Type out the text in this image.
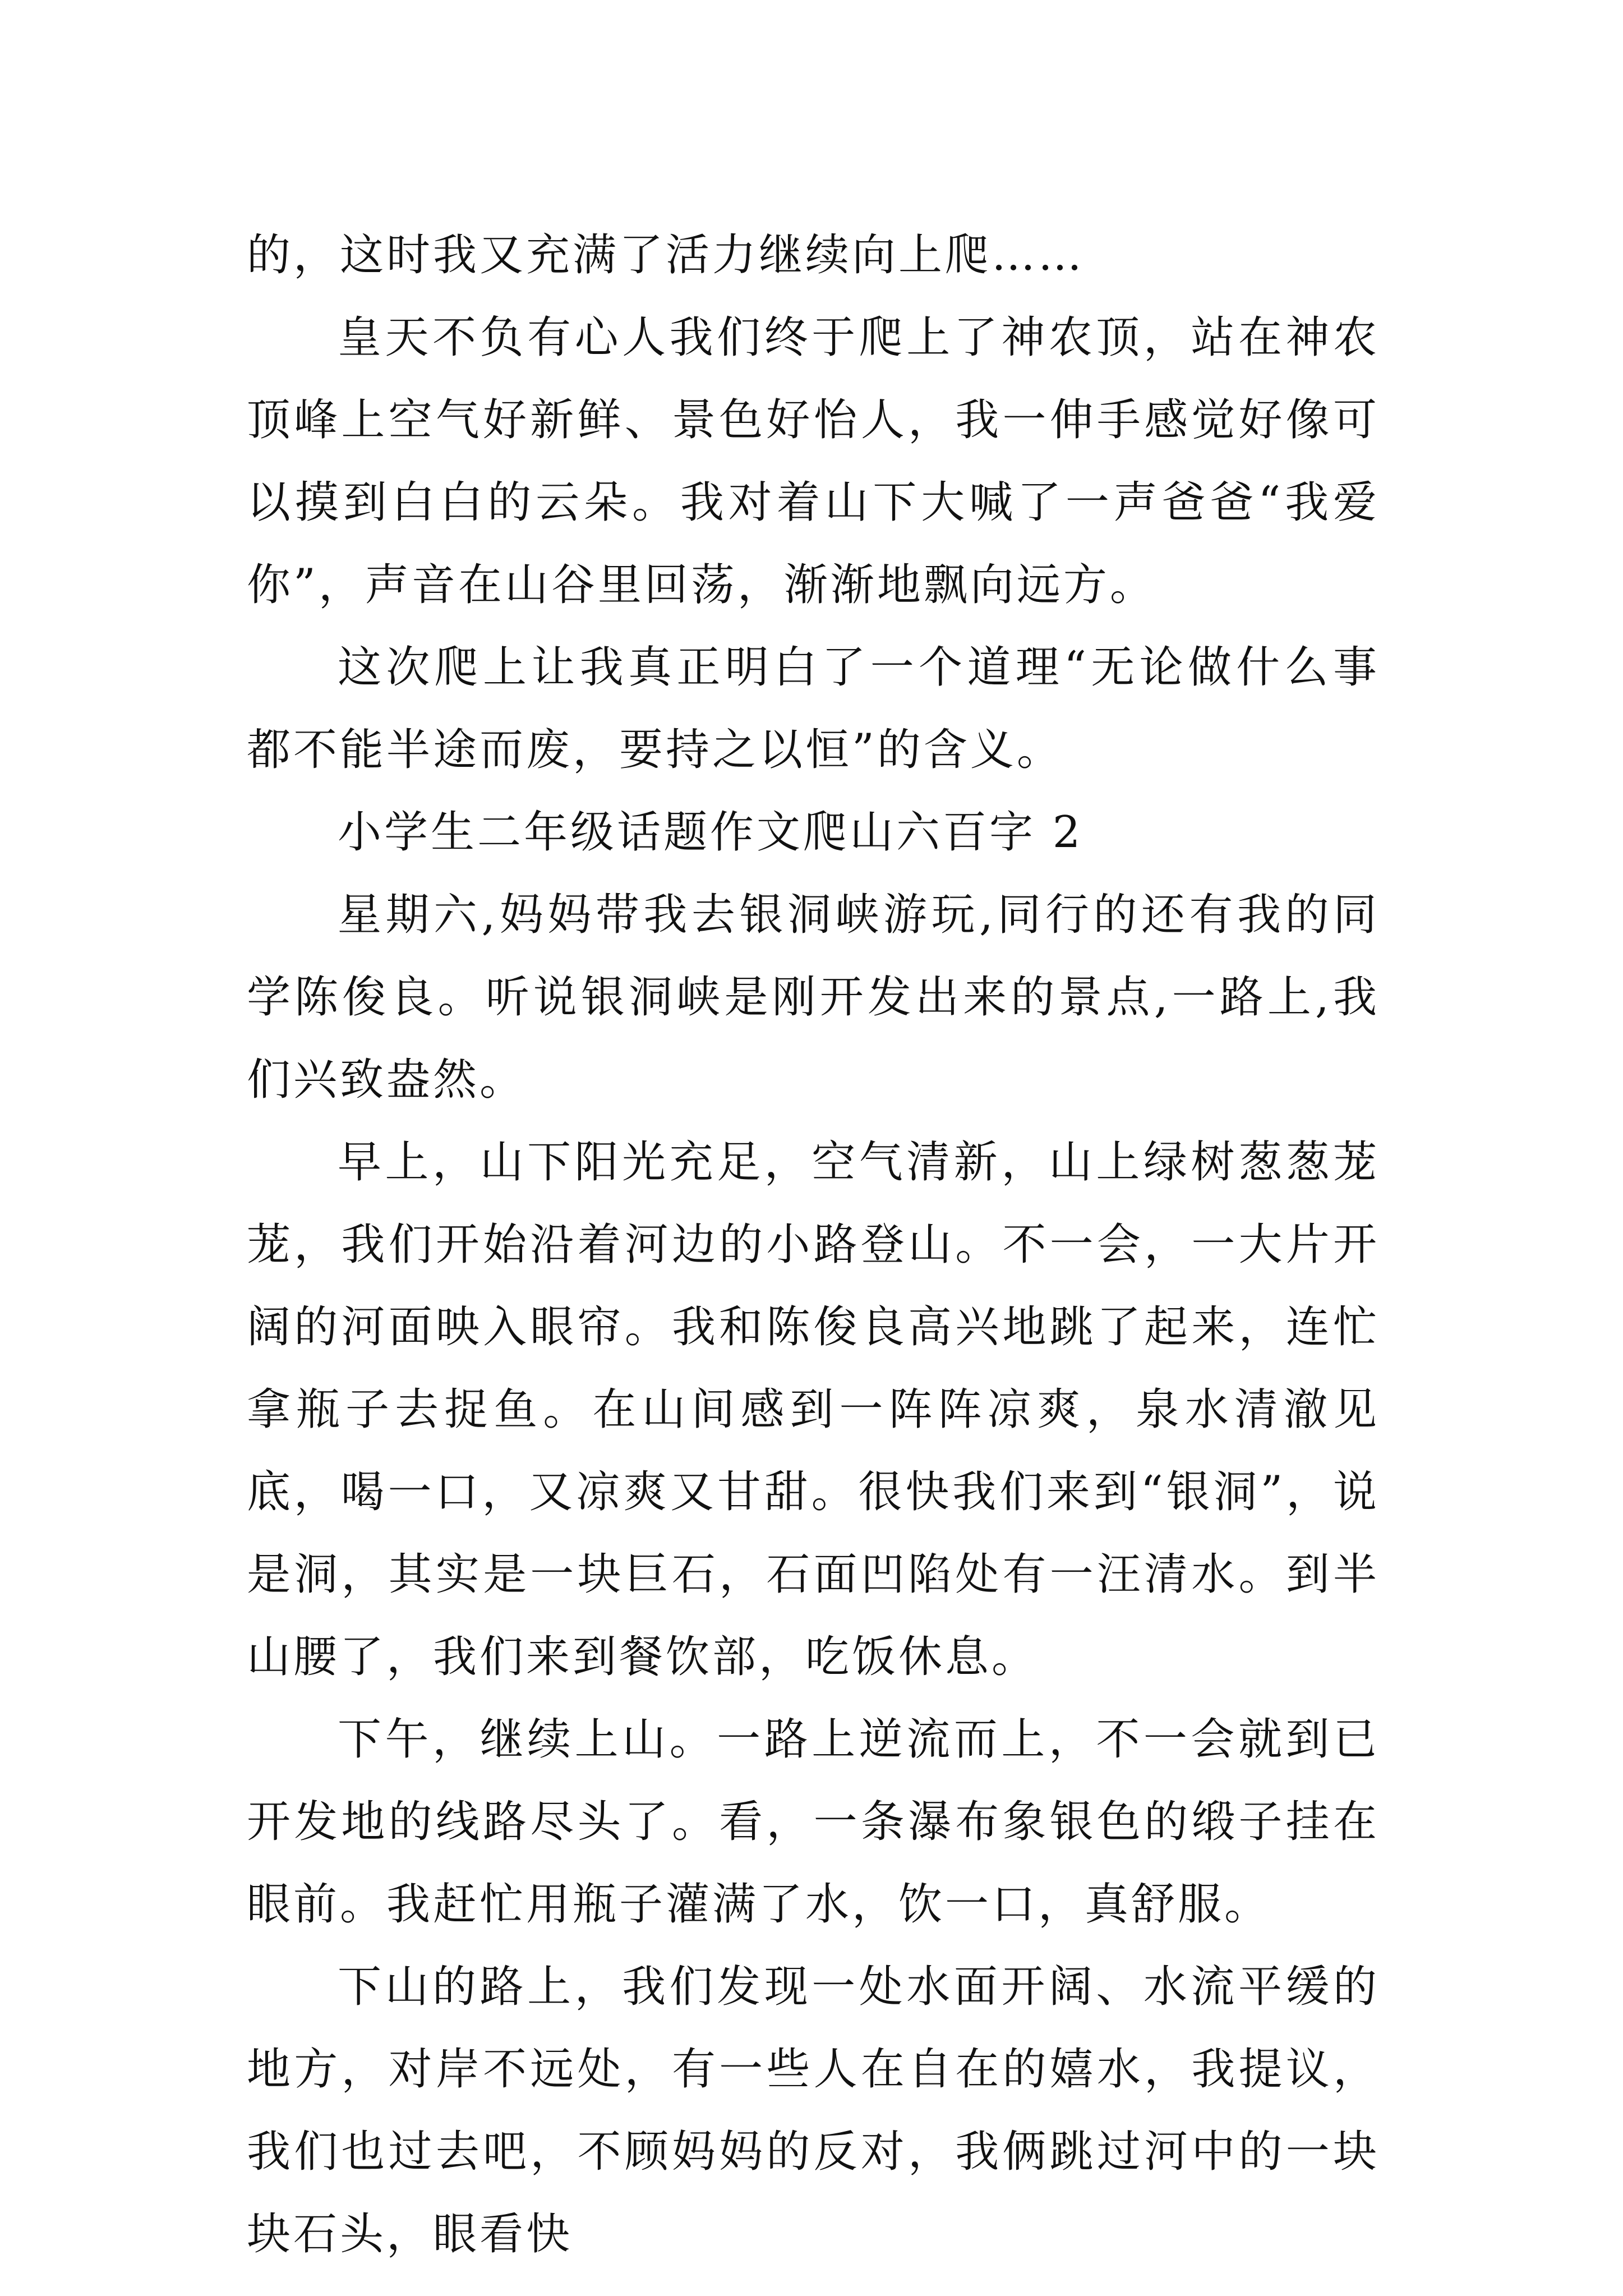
的，这时我又充满了活力继续向上爬……

皇天不负有心人我们终于爬上了神农顶，站在神农顶峰上空气好新鲜、景色好怡人，我一伸手感觉好像可以摸到白白的云朵。我对着山下大喊了一声爸爸“我爱你”，声音在山谷里回荡，渐渐地飘向远方。

这次爬上让我真正明白了一个道理“无论做什么事都不能半途而废，要持之以恒”的含义。

小学生二年级话题作文爬山六百字 2

星期六,妈妈带我去银洞峡游玩,同行的还有我的同学陈俊良。听说银洞峡是刚开发出来的景点,一路上,我们兴致盎然。

早上，山下阳光充足，空气清新，山上绿树葱葱茏茏，我们开始沿着河边的小路登山。不一会，一大片开阔的河面映入眼帘。我和陈俊良高兴地跳了起来，连忙拿瓶子去捉鱼。在山间感到一阵阵凉爽，泉水清澈见底，喝一口，又凉爽又甘甜。很快我们来到“银洞”，说是洞，其实是一块巨石，石面凹陷处有一汪清水。到半山腰了，我们来到餐饮部，吃饭休息。

下午，继续上山。一路上逆流而上，不一会就到已开发地的线路尽头了。看，一条瀑布象银色的缎子挂在眼前。我赶忙用瓶子灌满了水，饮一口，真舒服。

下山的路上，我们发现一处水面开阔、水流平缓的地方，对岸不远处，有一些人在自在的嬉水，我提议，我们也过去吧，不顾妈妈的反对，我俩跳过河中的一块块石头，眼看快
